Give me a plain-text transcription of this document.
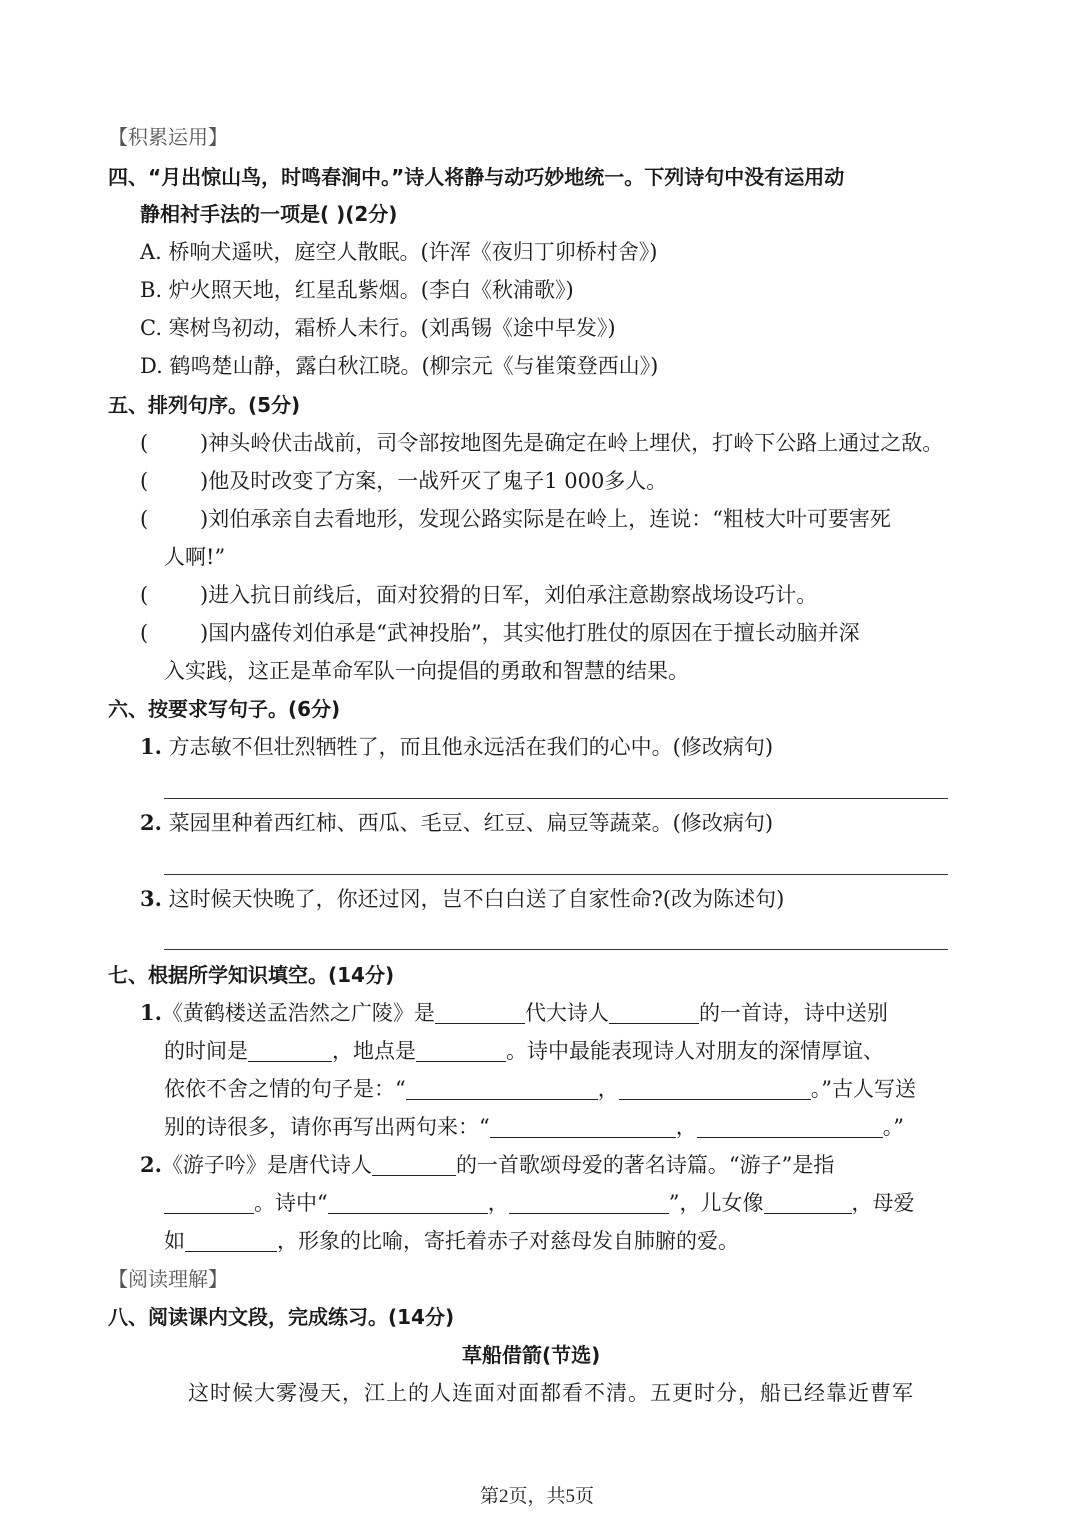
【积累运用】
四、“月出惊山鸟，时鸣春涧中。”诗人将静与动巧妙地统一。下列诗句中没有运用动
静相衬手法的一项是( )(2分)
A. 桥响犬遥吠，庭空人散眠。(许浑《夜归丁卯桥村舍》)
B. 炉火照天地，红星乱紫烟。(李白《秋浦歌》)
C. 寒树鸟初动，霜桥人未行。(刘禹锡《途中早发》)
D. 鹤鸣楚山静，露白秋江晓。(柳宗元《与崔策登西山》)
五、排列句序。(5分)
( )神头岭伏击战前，司令部按地图先是确定在岭上埋伏，打岭下公路上通过之敌。
( )他及时改变了方案，一战歼灭了鬼子1 000多人。
( )刘伯承亲自去看地形，发现公路实际是在岭上，连说：“粗枝大叶可要害死
人啊!”
( )进入抗日前线后，面对狡猾的日军，刘伯承注意勘察战场设巧计。
( )国内盛传刘伯承是“武神投胎”，其实他打胜仗的原因在于擅长动脑并深
入实践，这正是革命军队一向提倡的勇敢和智慧的结果。
六、按要求写句子。(6分)
1. 方志敏不但壮烈牺牲了，而且他永远活在我们的心中。(修改病句)
2. 菜园里种着西红柿、西瓜、毛豆、红豆、扁豆等蔬菜。(修改病句)
3. 这时候天快晚了，你还过冈，岂不白白送了自家性命?(改为陈述句)
七、根据所学知识填空。(14分)
1.《黄鹤楼送孟浩然之广陵》是	代大诗人	的一首诗，诗中送别
的时间是	，地点是	。诗中最能表现诗人对朋友的深情厚谊、
依依不舍之情的句子是：“	，	。”古人写送
别的诗很多，请你再写出两句来：“	，	。”
2.《游子吟》是唐代诗人	的一首歌颂母爱的著名诗篇。“游子”是指
。诗中“	，	”，儿女像	，母爱
如	，形象的比喻，寄托着赤子对慈母发自肺腑的爱。
【阅读理解】
八、阅读课内文段，完成练习。(14分)
草船借箭(节选)
这时候大雾漫天，江上的人连面对面都看不清。五更时分，船已经靠近曹军
第2页，共5页
